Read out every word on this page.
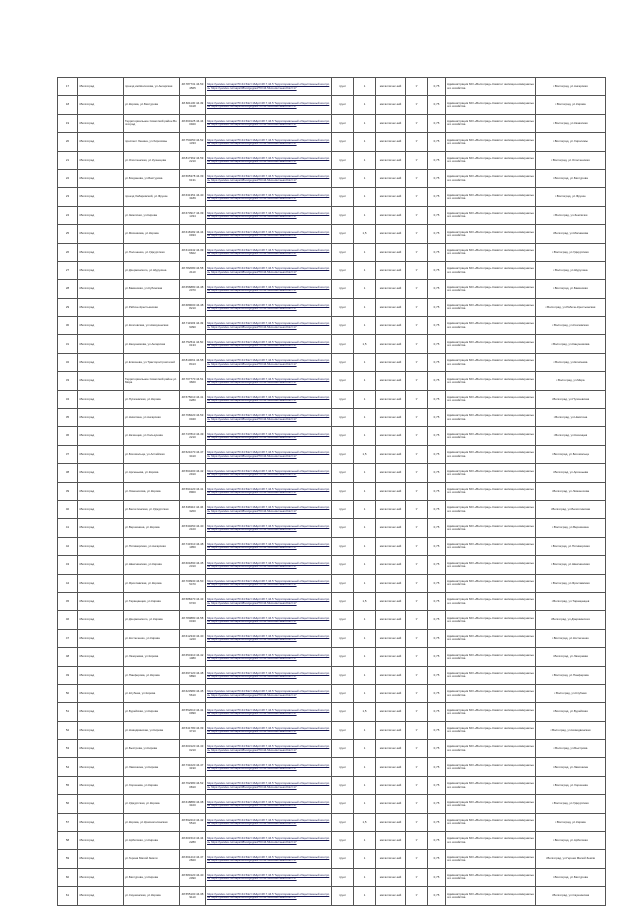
17	г.Волгоград	проезд им.Шолохова, ул.Ангарская	48.787731 44.534565	https://yandex.ru/maps/?ll=44.5&z=16&pt=48.7,44.5 Территориальный общественный контроль https://yandex.ru/maps/38/volgograd/?ll=44.5&mode=search&z=17	грунт	1	металличес-кий	У	0,75	Администрация МО «Волгоград» Комитет жилищно-коммунального хозяйства	г.Волгоград, ул.Ангарская
18	г.Волгоград	ул.Кирова, ул.Бахтурова	48.601130 44.496418	https://yandex.ru/maps/?ll=44.5&z=16&pt=48.7,44.5 Территориальный общественный контроль https://yandex.ru/maps/38/volgograd/?ll=44.5&mode=search&z=17	грунт	1	металличес-кий	У	0,75	Администрация МО «Волгоград» Комитет жилищно-коммунального хозяйства	г.Волгоград, ул.Кирова
19	г.Волгоград	Территориальное Советский район Волгоград	48.660125 44.440920	https://yandex.ru/maps/?ll=44.5&z=16&pt=48.7,44.5 Территориальный общественный контроль https://yandex.ru/maps/38/volgograd/?ll=44.5&mode=search&z=17	грунт	1	металличес-кий	У	0,75	Администрация МО «Волгоград» Комитет жилищно-коммунального хозяйства	г.Волгоград, ул.Казахская
20	г.Волгоград	проспект Ленина, ул.Хиросимы	48.754050 44.521333	https://yandex.ru/maps/?ll=44.5&z=16&pt=48.7,44.5 Территориальный общественный контроль https://yandex.ru/maps/38/volgograd/?ll=44.5&mode=search&z=17	грунт	1	металличес-кий	У	0,75	Администрация МО «Волгоград» Комитет жилищно-коммунального хозяйства	г.Волгоград, ул.Хиросимы
21	г.Волгоград	ул.Ополченская, ул.Кузнецова	48.817362 44.592210	https://yandex.ru/maps/?ll=44.5&z=16&pt=48.7,44.5 Территориальный общественный контроль https://yandex.ru/maps/38/volgograd/?ll=44.5&mode=search&z=17	грунт	1	металличес-кий	У	0,75	Администрация МО «Волгоград» Комитет жилищно-коммунального хозяйства	г.Волгоград, ул.Ополченская
22	г.Волгоград	ул.Богданова, ул.Бахтурова	48.565378 44.396131	https://yandex.ru/maps/?ll=44.5&z=16&pt=48.7,44.5 Территориальный общественный контроль https://yandex.ru/maps/38/volgograd/?ll=44.5&mode=search&z=17	грунт	1	металличес-кий	У	0,75	Администрация МО «Волгоград» Комитет жилищно-коммунального хозяйства	г.Волгоград, ул.Бахтурова
23	г.Волгоград	проезд Хабаровский, ул.Фрунзе	48.631351 44.403189	https://yandex.ru/maps/?ll=44.5&z=16&pt=48.7,44.5 Территориальный общественный контроль https://yandex.ru/maps/38/volgograd/?ll=44.5&mode=search&z=17	грунт	1	металличес-кий	У	0,75	Администрация МО «Волгоград» Комитет жилищно-коммунального хозяйства	г.Волгоград, ул.Фрунзе
24	г.Волгоград	ул.Землячки, ул.Кирова	48.673917 44.391334	https://yandex.ru/maps/?ll=44.5&z=16&pt=48.7,44.5 Территориальный общественный контроль https://yandex.ru/maps/38/volgograd/?ll=44.5&mode=search&z=17	грунт	1	металличес-кий	У	0,75	Администрация МО «Волгоград» Комитет жилищно-коммунального хозяйства	г.Волгоград, ул.Землячки
25	г.Волгоград	ул.Мясникова, ул.Кирова	48.618182 44.440933	https://yandex.ru/maps/?ll=44.5&z=16&pt=48.7,44.5 Территориальный общественный контроль https://yandex.ru/maps/38/volgograd/?ll=44.5&mode=search&z=17	грунт	1,5	металличес-кий	У	0,75	Администрация МО «Волгоград» Комитет жилищно-коммунального хозяйства	г.Волгоград, ул.Мясникова
26	г.Волгоград	ул.Полоненко, ул.Удмуртская	48.613442 44.395602	https://yandex.ru/maps/?ll=44.5&z=16&pt=48.7,44.5 Территориальный общественный контроль https://yandex.ru/maps/38/volgograd/?ll=44.5&mode=search&z=17	грунт	1	металличес-кий	У	0,75	Администрация МО «Волгоград» Комитет жилищно-коммунального хозяйства	г.Волгоград, ул.Удмуртская
27	г.Волгоград	ул.Дзержинского, ул.Шурухина	48.782080 44.582110	https://yandex.ru/maps/?ll=44.5&z=16&pt=48.7,44.5 Территориальный общественный контроль https://yandex.ru/maps/38/volgograd/?ll=44.5&mode=search&z=17	грунт	1	металличес-кий	У	0,75	Администрация МО «Волгоград» Комитет жилищно-коммунального хозяйства	г.Волгоград, ул.Шурухина
28	г.Волгоград	ул.Бакинская, ул.Кубинская	48.656880 44.482070	https://yandex.ru/maps/?ll=44.5&z=16&pt=48.7,44.5 Территориальный общественный контроль https://yandex.ru/maps/38/volgograd/?ll=44.5&mode=search&z=17	грунт	1	металличес-кий	У	0,75	Администрация МО «Волгоград» Комитет жилищно-коммунального хозяйства	г.Волгоград, ул.Бакинская
29	г.Волгоград	ул.Рабоче-Крестьянская	48.689000 44.488210	https://yandex.ru/maps/?ll=44.5&z=16&pt=48.7,44.5 Территориальный общественный контроль https://yandex.ru/maps/38/volgograd/?ll=44.5&mode=search&z=17	грунт	1	металличес-кий	У	0,75	Администрация МО «Волгоград» Комитет жилищно-коммунального хозяйства	г.Волгоград, ул.Рабоче-Крестьянская
30	г.Волгоград	ул.Козловская, ул.Новоузенская	48.711903 44.499390	https://yandex.ru/maps/?ll=44.5&z=16&pt=48.7,44.5 Территориальный общественный контроль https://yandex.ru/maps/38/volgograd/?ll=44.5&mode=search&z=17	грунт	1	металличес-кий	У	0,75	Администрация МО «Волгоград» Комитет жилищно-коммунального хозяйства	г.Волгоград, ул.Козловская
31	г.Волгоград	ул.Канунникова, ул.Ангарская	48.752511 44.500133	https://yandex.ru/maps/?ll=44.5&z=16&pt=48.7,44.5 Территориальный общественный контроль https://yandex.ru/maps/38/volgograd/?ll=44.5&mode=search&z=17	грунт	1,5	металличес-кий	У	0,75	Администрация МО «Волгоград» Комитет жилищно-коммунального хозяйства	г.Волгоград, ул.Канунникова
32	г.Волгоград	ул.Елисеева, ул.Тракторостроителей	48.810061 44.588413	https://yandex.ru/maps/?ll=44.5&z=16&pt=48.7,44.5 Территориальный общественный контроль https://yandex.ru/maps/38/volgograd/?ll=44.5&mode=search&z=17	грунт	1	металличес-кий	У	0,75	Администрация МО «Волгоград» Комитет жилищно-коммунального хозяйства	г.Волгоград, ул.Елисеева
33	г.Волгоград	Территориальное Советский район ул.Мира	48.707770 44.513660	https://yandex.ru/maps/?ll=44.5&z=16&pt=48.7,44.5 Территориальный общественный контроль https://yandex.ru/maps/38/volgograd/?ll=44.5&mode=search&z=17	грунт	1	металличес-кий	У	0,75	Администрация МО «Волгоград» Комитет жилищно-коммунального хозяйства	г.Волгоград, ул.Мира
34	г.Волгоград	ул.Пугачевская, ул.Кирова	48.575010 44.410280	https://yandex.ru/maps/?ll=44.5&z=16&pt=48.7,44.5 Территориальный общественный контроль https://yandex.ru/maps/38/volgograd/?ll=44.5&mode=search&z=17	грунт	1	металличес-кий	У	0,75	Администрация МО «Волгоград» Комитет жилищно-коммунального хозяйства	г.Волгоград, ул.Пугачевская
35	г.Волгоград	ул.Никитина, ул.Ангарская	48.768220 44.530040	https://yandex.ru/maps/?ll=44.5&z=16&pt=48.7,44.5 Территориальный общественный контроль https://yandex.ru/maps/38/volgograd/?ll=44.5&mode=search&z=17	грунт	1	металличес-кий	У	0,75	Администрация МО «Волгоград» Комитет жилищно-коммунального хозяйства	г.Волгоград, ул.Никитина
36	г.Волгоград	ул.Качинцев, ул.Хользунова	48.747810 44.492210	https://yandex.ru/maps/?ll=44.5&z=16&pt=48.7,44.5 Территориальный общественный контроль https://yandex.ru/maps/38/volgograd/?ll=44.5&mode=search&z=17	грунт	1	металличес-кий	У	0,75	Администрация МО «Волгоград» Комитет жилищно-коммунального хозяйства	г.Волгоград, ул.Качинцев
37	г.Волгоград	ул.Богомольца, ул.Алтайская	48.521070 44.473410	https://yandex.ru/maps/?ll=44.5&z=16&pt=48.7,44.5 Территориальный общественный контроль https://yandex.ru/maps/38/volgograd/?ll=44.5&mode=search&z=17	грунт	1,5	металличес-кий	У	0,75	Администрация МО «Волгоград» Комитет жилищно-коммунального хозяйства	г.Волгоград, ул.Богомольца
38	г.Волгоград	ул.Арсеньева, ул.Кирова	48.564400 44.422910	https://yandex.ru/maps/?ll=44.5&z=16&pt=48.7,44.5 Территориальный общественный контроль https://yandex.ru/maps/38/volgograd/?ll=44.5&mode=search&z=17	грунт	1	металличес-кий	У	0,75	Администрация МО «Волгоград» Комитет жилищно-коммунального хозяйства	г.Волгоград, ул.Арсеньева
39	г.Волгоград	ул.Ломоносова, ул.Кирова	48.594120 44.418900	https://yandex.ru/maps/?ll=44.5&z=16&pt=48.7,44.5 Территориальный общественный контроль https://yandex.ru/maps/38/volgograd/?ll=44.5&mode=search&z=17	грунт	1	металличес-кий	У	0,75	Администрация МО «Волгоград» Комитет жилищно-коммунального хозяйства	г.Волгоград, ул.Ломоносова
40	г.Волгоград	ул.Белоглинская, ул.Удмуртская	48.638110 44.463200	https://yandex.ru/maps/?ll=44.5&z=16&pt=48.7,44.5 Территориальный общественный контроль https://yandex.ru/maps/38/volgograd/?ll=44.5&mode=search&z=17	грунт	1	металличес-кий	У	0,75	Администрация МО «Волгоград» Комитет жилищно-коммунального хозяйства	г.Волгоград, ул.Белоглинская
41	г.Волгоград	ул.Вершинина, ул.Кирова	48.530250 44.402100	https://yandex.ru/maps/?ll=44.5&z=16&pt=48.7,44.5 Территориальный общественный контроль https://yandex.ru/maps/38/volgograd/?ll=44.5&mode=search&z=17	грунт	1	металличес-кий	У	0,75	Администрация МО «Волгоград» Комитет жилищно-коммунального хозяйства	г.Волгоград, ул.Вершинина
42	г.Волгоград	ул.Пятиморская, ул.Ангарская	48.741510 44.481950	https://yandex.ru/maps/?ll=44.5&z=16&pt=48.7,44.5 Территориальный общественный контроль https://yandex.ru/maps/38/volgograd/?ll=44.5&mode=search&z=17	грунт	1	металличес-кий	У	0,75	Администрация МО «Волгоград» Комитет жилищно-коммунального хозяйства	г.Волгоград, ул.Пятиморская
43	г.Волгоград	ул.Шекснинская, ул.Кирова	48.601890 44.452310	https://yandex.ru/maps/?ll=44.5&z=16&pt=48.7,44.5 Территориальный общественный контроль https://yandex.ru/maps/38/volgograd/?ll=44.5&mode=search&z=17	грунт	1	металличес-кий	У	0,75	Администрация МО «Волгоград» Комитет жилищно-коммунального хозяйства	г.Волгоград, ул.Шекснинская
44	г.Волгоград	ул.Ярославская, ул.Кирова	48.709930 44.505470	https://yandex.ru/maps/?ll=44.5&z=16&pt=48.7,44.5 Территориальный общественный контроль https://yandex.ru/maps/38/volgograd/?ll=44.5&mode=search&z=17	грунт	1	металличес-кий	У	0,75	Администрация МО «Волгоград» Комитет жилищно-коммунального хозяйства	г.Волгоград, ул.Ярославская
45	г.Волгоград	ул.Таращанцев, ул.Кирова	48.588470 44.436720	https://yandex.ru/maps/?ll=44.5&z=16&pt=48.7,44.5 Территориальный общественный контроль https://yandex.ru/maps/38/volgograd/?ll=44.5&mode=search&z=17	грунт	1,5	металличес-кий	У	0,75	Администрация МО «Волгоград» Комитет жилищно-коммунального хозяйства	г.Волгоград, ул.Таращанцев
46	г.Волгоград	ул.Дзержинского, ул.Кирова	48.780880 44.580430	https://yandex.ru/maps/?ll=44.5&z=16&pt=48.7,44.5 Территориальный общественный контроль https://yandex.ru/maps/38/volgograd/?ll=44.5&mode=search&z=17	грунт	1	металличес-кий	У	0,75	Администрация МО «Волгоград» Комитет жилищно-коммунального хозяйства	г.Волгоград, ул.Дзержинского
47	г.Волгоград	ул.Костюченко, ул.Кирова	48.612340 44.401220	https://yandex.ru/maps/?ll=44.5&z=16&pt=48.7,44.5 Территориальный общественный контроль https://yandex.ru/maps/38/volgograd/?ll=44.5&mode=search&z=17	грунт	1	металличес-кий	У	0,75	Администрация МО «Волгоград» Комитет жилищно-коммунального хозяйства	г.Волгоград, ул.Костюченко
48	г.Волгоград	ул.Лазоревая, ул.Кирова	48.654310 44.421080	https://yandex.ru/maps/?ll=44.5&z=16&pt=48.7,44.5 Территориальный общественный контроль https://yandex.ru/maps/38/volgograd/?ll=44.5&mode=search&z=17	грунт	1	металличес-кий	У	0,75	Администрация МО «Волгоград» Комитет жилищно-коммунального хозяйства	г.Волгоград, ул.Лазоревая
49	г.Волгоград	ул.Панферова, ул.Кирова	48.697120 44.489890	https://yandex.ru/maps/?ll=44.5&z=16&pt=48.7,44.5 Территориальный общественный контроль https://yandex.ru/maps/38/volgograd/?ll=44.5&mode=search&z=17	грунт	1	металличес-кий	У	0,75	Администрация МО «Волгоград» Комитет жилищно-коммунального хозяйства	г.Волгоград, ул.Панферова
50	г.Волгоград	ул.Клубная, ул.Кирова	48.623980 44.455610	https://yandex.ru/maps/?ll=44.5&z=16&pt=48.7,44.5 Территориальный общественный контроль https://yandex.ru/maps/38/volgograd/?ll=44.5&mode=search&z=17	грунт	1	металличес-кий	У	0,75	Администрация МО «Волгоград» Комитет жилищно-коммунального хозяйства	г.Волгоград, ул.Клубная
51	г.Волгоград	ул.Бурейская, ул.Кирова	48.552010 44.410990	https://yandex.ru/maps/?ll=44.5&z=16&pt=48.7,44.5 Территориальный общественный контроль https://yandex.ru/maps/38/volgograd/?ll=44.5&mode=search&z=17	грунт	1,5	металличес-кий	У	0,75	Администрация МО «Волгоград» Комитет жилищно-коммунального хозяйства	г.Волгоград, ул.Бурейская
52	г.Волгоград	ул.Новодвинская, ул.Кирова	48.541780 44.393710	https://yandex.ru/maps/?ll=44.5&z=16&pt=48.7,44.5 Территориальный общественный контроль https://yandex.ru/maps/38/volgograd/?ll=44.5&mode=search&z=17	грунт	1	металличес-кий	У	0,75	Администрация МО «Волгоград» Комитет жилищно-коммунального хозяйства	г.Волгоград, ул.Новодвинская
53	г.Волгоград	ул.Быстрова, ул.Кирова	48.603120 44.430210	https://yandex.ru/maps/?ll=44.5&z=16&pt=48.7,44.5 Территориальный общественный контроль https://yandex.ru/maps/38/volgograd/?ll=44.5&mode=search&z=17	грунт	1	металличес-кий	У	0,75	Администрация МО «Волгоград» Комитет жилищно-коммунального хозяйства	г.Волгоград, ул.Быстрова
54	г.Волгоград	ул.Лавочкина, ул.Кирова	48.731020 44.473190	https://yandex.ru/maps/?ll=44.5&z=16&pt=48.7,44.5 Территориальный общественный контроль https://yandex.ru/maps/38/volgograd/?ll=44.5&mode=search&z=17	грунт	1	металличес-кий	У	0,75	Администрация МО «Волгоград» Комитет жилищно-коммунального хозяйства	г.Волгоград, ул.Лавочкина
55	г.Волгоград	ул.Хорошева, ул.Кирова	48.762380 44.520810	https://yandex.ru/maps/?ll=44.5&z=16&pt=48.7,44.5 Территориальный общественный контроль https://yandex.ru/maps/38/volgograd/?ll=44.5&mode=search&z=17	грунт	1	металличес-кий	У	0,75	Администрация МО «Волгоград» Комитет жилищно-коммунального хозяйства	г.Волгоград, ул.Хорошева
56	г.Волгоград	ул.Удмуртская, ул.Кирова	48.618880 44.383100	https://yandex.ru/maps/?ll=44.5&z=16&pt=48.7,44.5 Территориальный общественный контроль https://yandex.ru/maps/38/volgograd/?ll=44.5&mode=search&z=17	грунт	1	металличес-кий	У	0,75	Администрация МО «Волгоград» Комитет жилищно-коммунального хозяйства	г.Волгоград, ул.Удмуртская
57	г.Волгоград	ул.Кирова, ул.Краснополянская	48.592210 44.425510	https://yandex.ru/maps/?ll=44.5&z=16&pt=48.7,44.5 Территориальный общественный контроль https://yandex.ru/maps/38/volgograd/?ll=44.5&mode=search&z=17	грунт	1,5	металличес-кий	У	0,75	Администрация МО «Волгоград» Комитет жилищно-коммунального хозяйства	г.Волгоград, ул.Кирова
58	г.Волгоград	ул.Арбатская, ул.Кирова	48.601510 44.442280	https://yandex.ru/maps/?ll=44.5&z=16&pt=48.7,44.5 Территориальный общественный контроль https://yandex.ru/maps/38/volgograd/?ll=44.5&mode=search&z=17	грунт	1	металличес-кий	У	0,75	Администрация МО «Волгоград» Комитет жилищно-коммунального хозяйства	г.Волгоград, ул.Арбатская
59	г.Волгоград	ул.Героев Малой Земли	48.661210 44.472820	https://yandex.ru/maps/?ll=44.5&z=16&pt=48.7,44.5 Территориальный общественный контроль https://yandex.ru/maps/38/volgograd/?ll=44.5&mode=search&z=17	грунт	1	металличес-кий	У	0,75	Администрация МО «Волгоград» Комитет жилищно-коммунального хозяйства	г.Волгоград, ул.Героев Малой Земли
60	г.Волгоград	ул.Бахтурова, ул.Кирова	48.580120 44.402090	https://yandex.ru/maps/?ll=44.5&z=16&pt=48.7,44.5 Территориальный общественный контроль https://yandex.ru/maps/38/volgograd/?ll=44.5&mode=search&z=17	грунт	1	металличес-кий	У	0,75	Администрация МО «Волгоград» Комитет жилищно-коммунального хозяйства	г.Волгоград, ул.Бахтурова
61	г.Волгоград	ул.Саушинская, ул.Кирова	48.555100 44.389110	https://yandex.ru/maps/?ll=44.5&z=16&pt=48.7,44.5 Территориальный общественный контроль https://yandex.ru/maps/38/volgograd/?ll=44.5&mode=search&z=17	грунт	1	металличес-кий	У	0,75	Администрация МО «Волгоград» Комитет жилищно-коммунального хозяйства	г.Волгоград, ул.Саушинская
